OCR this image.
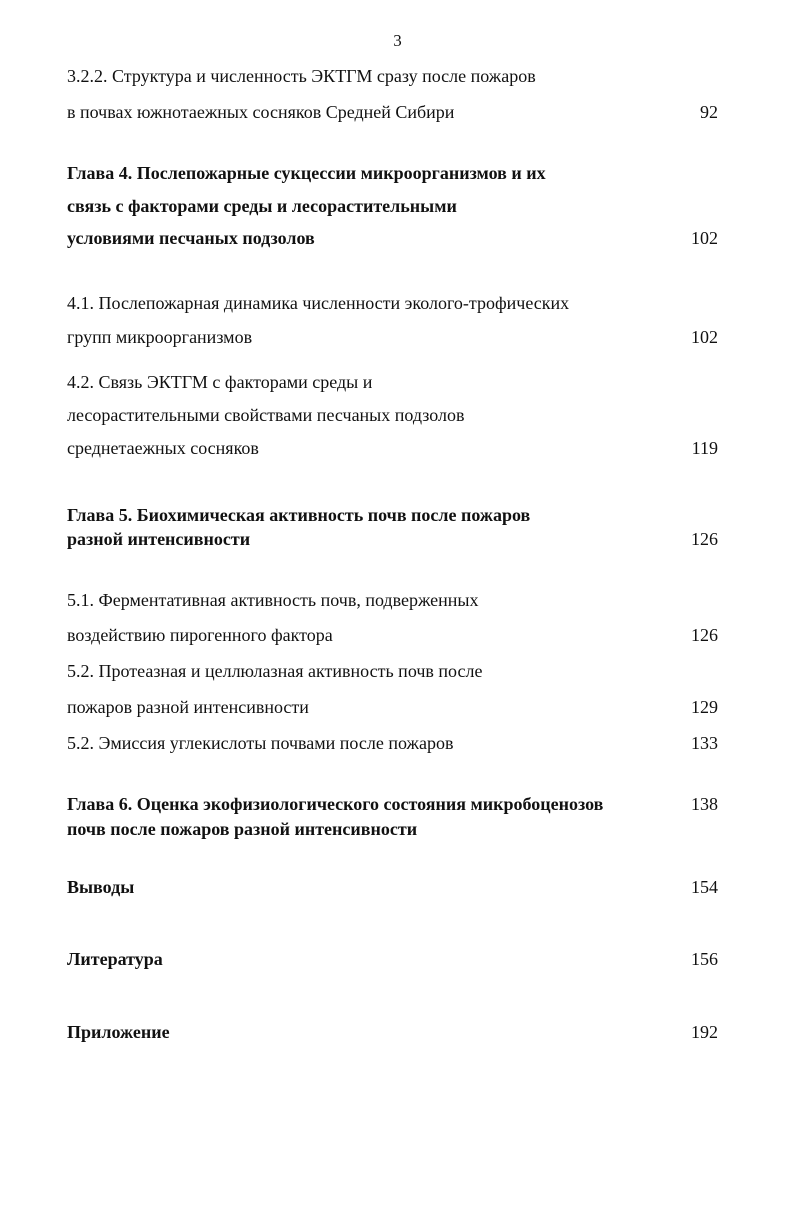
3
3.2.2. Структура и численность ЭКТГМ сразу после пожаров
в почвах южнотаежных сосняков Средней Сибири	92
Глава 4. Послепожарные сукцессии микроорганизмов и их
связь с факторами среды и лесорастительными
условиями песчаных подзолов	102
4.1. Послепожарная динамика численности эколого-трофических
групп микроорганизмов	102
4.2. Связь ЭКТГМ с факторами среды и
лесорастительными свойствами песчаных подзолов
среднетаежных сосняков	119
Глава 5. Биохимическая активность почв после пожаров
разной интенсивности	126
5.1. Ферментативная активность почв, подверженных
воздействию пирогенного фактора	126
5.2. Протеазная и целлюлазная активность почв после
пожаров разной интенсивности	129
5.2. Эмиссия углекислоты почвами после пожаров	133
Глава 6. Оценка экофизиологического состояния микробоценозов	138
почв после пожаров разной интенсивности
Выводы	154
Литература	156
Приложение	192
